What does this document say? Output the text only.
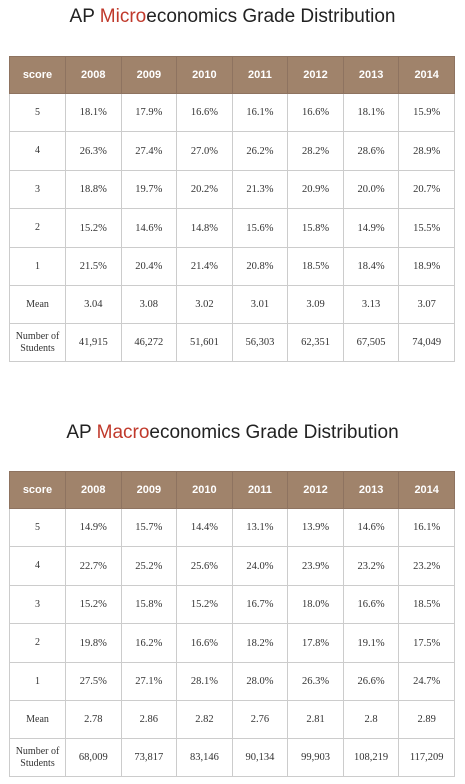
AP Microeconomics Grade Distribution
score	2008	2009	2010	2011	2012	2013	2014
5	18.1%	17.9%	16.6%	16.1%	16.6%	18.1%	15.9%
4	26.3%	27.4%	27.0%	26.2%	28.2%	28.6%	28.9%
3	18.8%	19.7%	20.2%	21.3%	20.9%	20.0%	20.7%
2	15.2%	14.6%	14.8%	15.6%	15.8%	14.9%	15.5%
1	21.5%	20.4%	21.4%	20.8%	18.5%	18.4%	18.9%
Mean	3.04	3.08	3.02	3.01	3.09	3.13	3.07
Number of Students	41,915	46,272	51,601	56,303	62,351	67,505	74,049
AP Macroeconomics Grade Distribution
score	2008	2009	2010	2011	2012	2013	2014
5	14.9%	15.7%	14.4%	13.1%	13.9%	14.6%	16.1%
4	22.7%	25.2%	25.6%	24.0%	23.9%	23.2%	23.2%
3	15.2%	15.8%	15.2%	16.7%	18.0%	16.6%	18.5%
2	19.8%	16.2%	16.6%	18.2%	17.8%	19.1%	17.5%
1	27.5%	27.1%	28.1%	28.0%	26.3%	26.6%	24.7%
Mean	2.78	2.86	2.82	2.76	2.81	2.8	2.89
Number of Students	68,009	73,817	83,146	90,134	99,903	108,219	117,209
